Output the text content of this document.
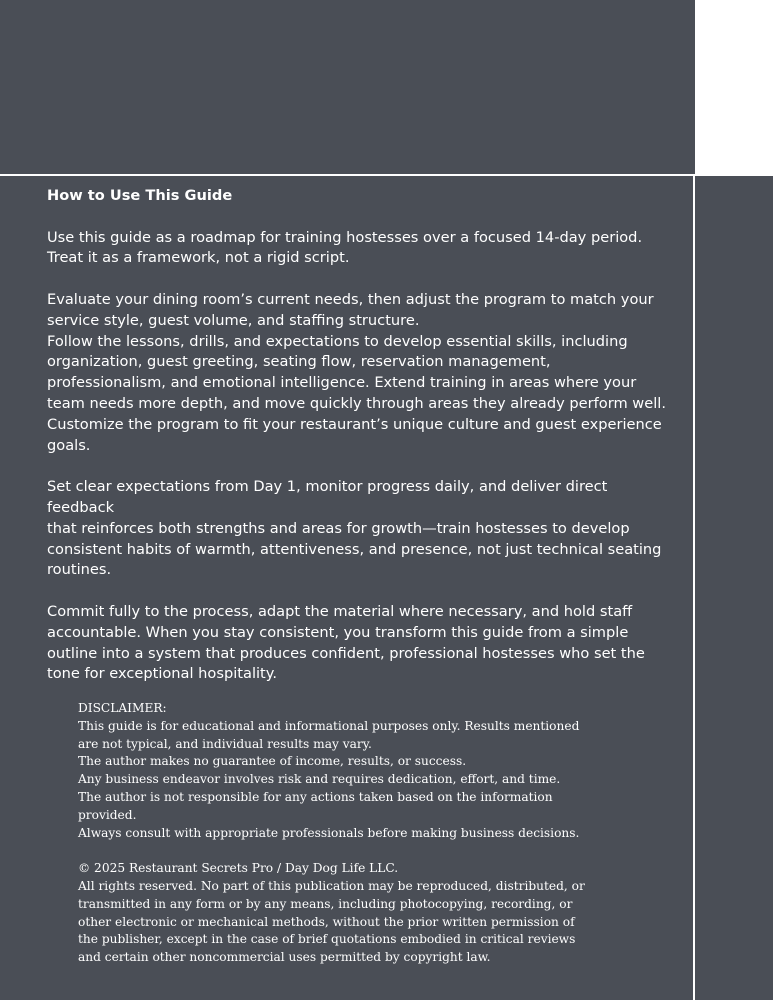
How to Use This Guide

Use this guide as a roadmap for training hostesses over a focused 14-day period.
Treat it as a framework, not a rigid script.

Evaluate your dining room’s current needs, then adjust the program to match your
service style, guest volume, and staffing structure.
Follow the lessons, drills, and expectations to develop essential skills, including
organization, guest greeting, seating flow, reservation management,
professionalism, and emotional intelligence. Extend training in areas where your
team needs more depth, and move quickly through areas they already perform well.
Customize the program to fit your restaurant’s unique culture and guest experience
goals.

Set clear expectations from Day 1, monitor progress daily, and deliver direct feedback
that reinforces both strengths and areas for growth—train hostesses to develop
consistent habits of warmth, attentiveness, and presence, not just technical seating
routines.

Commit fully to the process, adapt the material where necessary, and hold staff
accountable. When you stay consistent, you transform this guide from a simple
outline into a system that produces confident, professional hostesses who set the
tone for exceptional hospitality.

DISCLAIMER:

This guide is for educational and informational purposes only. Results mentioned
are not typical, and individual results may vary.
The author makes no guarantee of income, results, or success.
Any business endeavor involves risk and requires dedication, effort, and time.
The author is not responsible for any actions taken based on the information
provided.
Always consult with appropriate professionals before making business decisions.

© 2025 Restaurant Secrets Pro / Day Dog Life LLC.

All rights reserved. No part of this publication may be reproduced, distributed, or
transmitted in any form or by any means, including photocopying, recording, or
other electronic or mechanical methods, without the prior written permission of
the publisher, except in the case of brief quotations embodied in critical reviews
and certain other noncommercial uses permitted by copyright law.
